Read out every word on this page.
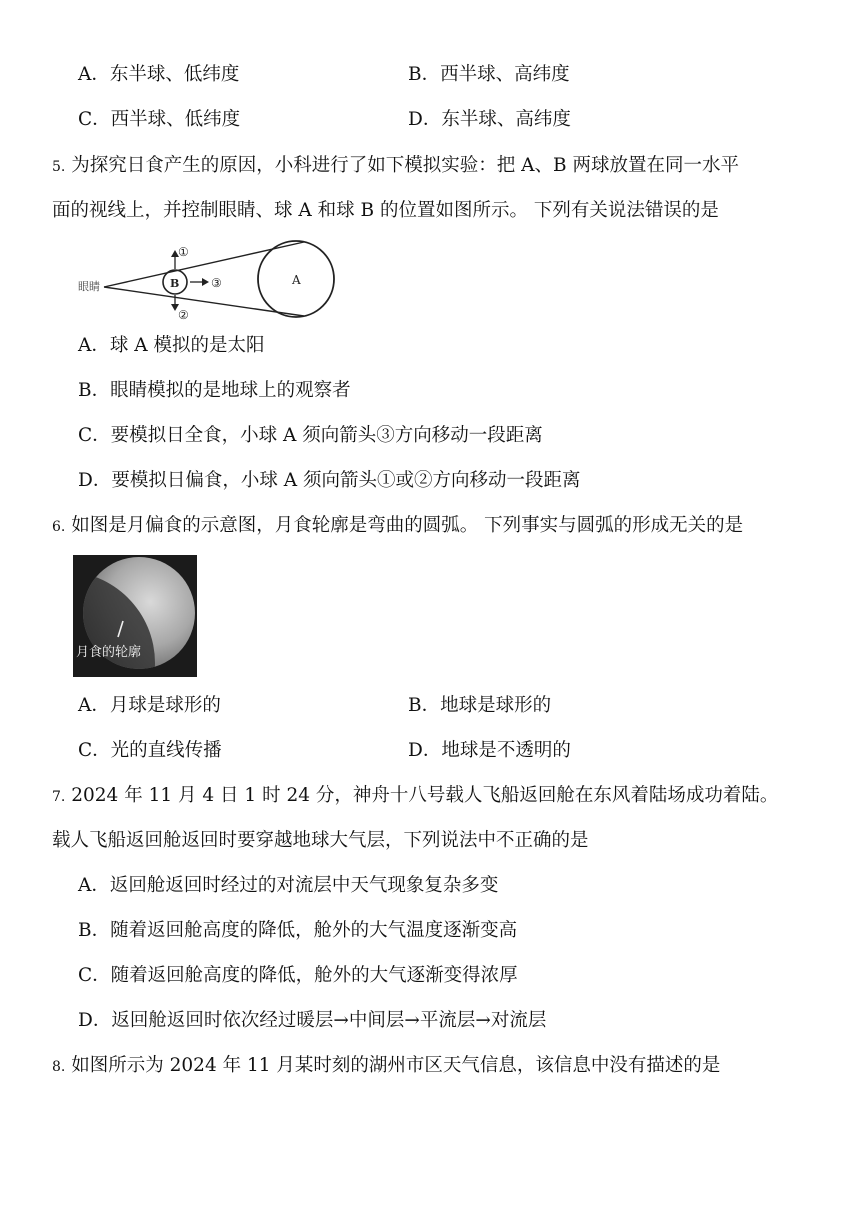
A．东半球、低纬度	B．西半球、高纬度
C．西半球、低纬度	D．东半球、高纬度
5. 为探究日食产生的原因，小科进行了如下模拟实验：把 A、B 两球放置在同一水平
面的视线上，并控制眼睛、球 A 和球 B 的位置如图所示。 下列有关说法错误的是
眼睛	A
B
①
②
③
A．球 A 模拟的是太阳
B．眼睛模拟的是地球上的观察者
C．要模拟日全食，小球 A 须向箭头③方向移动一段距离
D．要模拟日偏食，小球 A 须向箭头①或②方向移动一段距离
6. 如图是月偏食的示意图，月食轮廓是弯曲的圆弧。 下列事实与圆弧的形成无关的是
月食的轮廓
A．月球是球形的	B．地球是球形的
C．光的直线传播	D．地球是不透明的
7. 2024 年 11 月 4 日 1 时 24 分，神舟十八号载人飞船返回舱在东风着陆场成功着陆。
载人飞船返回舱返回时要穿越地球大气层，下列说法中不正确的是
A．返回舱返回时经过的对流层中天气现象复杂多变
B．随着返回舱高度的降低，舱外的大气温度逐渐变高
C．随着返回舱高度的降低，舱外的大气逐渐变得浓厚
D．返回舱返回时依次经过暖层→中间层→平流层→对流层
8. 如图所示为 2024 年 11 月某时刻的湖州市区天气信息，该信息中没有描述的是
